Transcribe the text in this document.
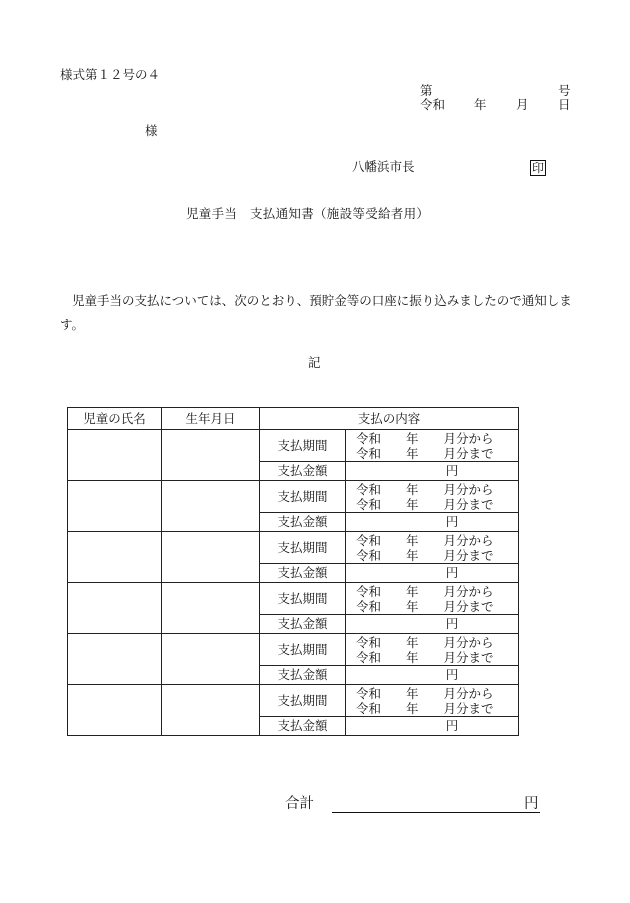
様式第１２号の４
第	号
令和 年 月 日
様
八幡浜市長	印
児童手当　支払通知書（施設等受給者用）
児童手当の支払については、次のとおり、預貯金等の口座に振り込みましたので通知します。
記
児童の氏名	生年月日	支払の内容	
		支払期間	令和　　年　　月分から
令和　　年　　月分まで

		支払金額	円
		支払期間	令和　　年　　月分から
令和　　年　　月分まで

		支払金額	円
		支払期間	令和　　年　　月分から
令和　　年　　月分まで

		支払金額	円
		支払期間	令和　　年　　月分から
令和　　年　　月分まで

		支払金額	円
		支払期間	令和　　年　　月分から
令和　　年　　月分まで

		支払金額	円
		支払期間	令和　　年　　月分から
令和　　年　　月分まで

		支払金額	円
合計	円
